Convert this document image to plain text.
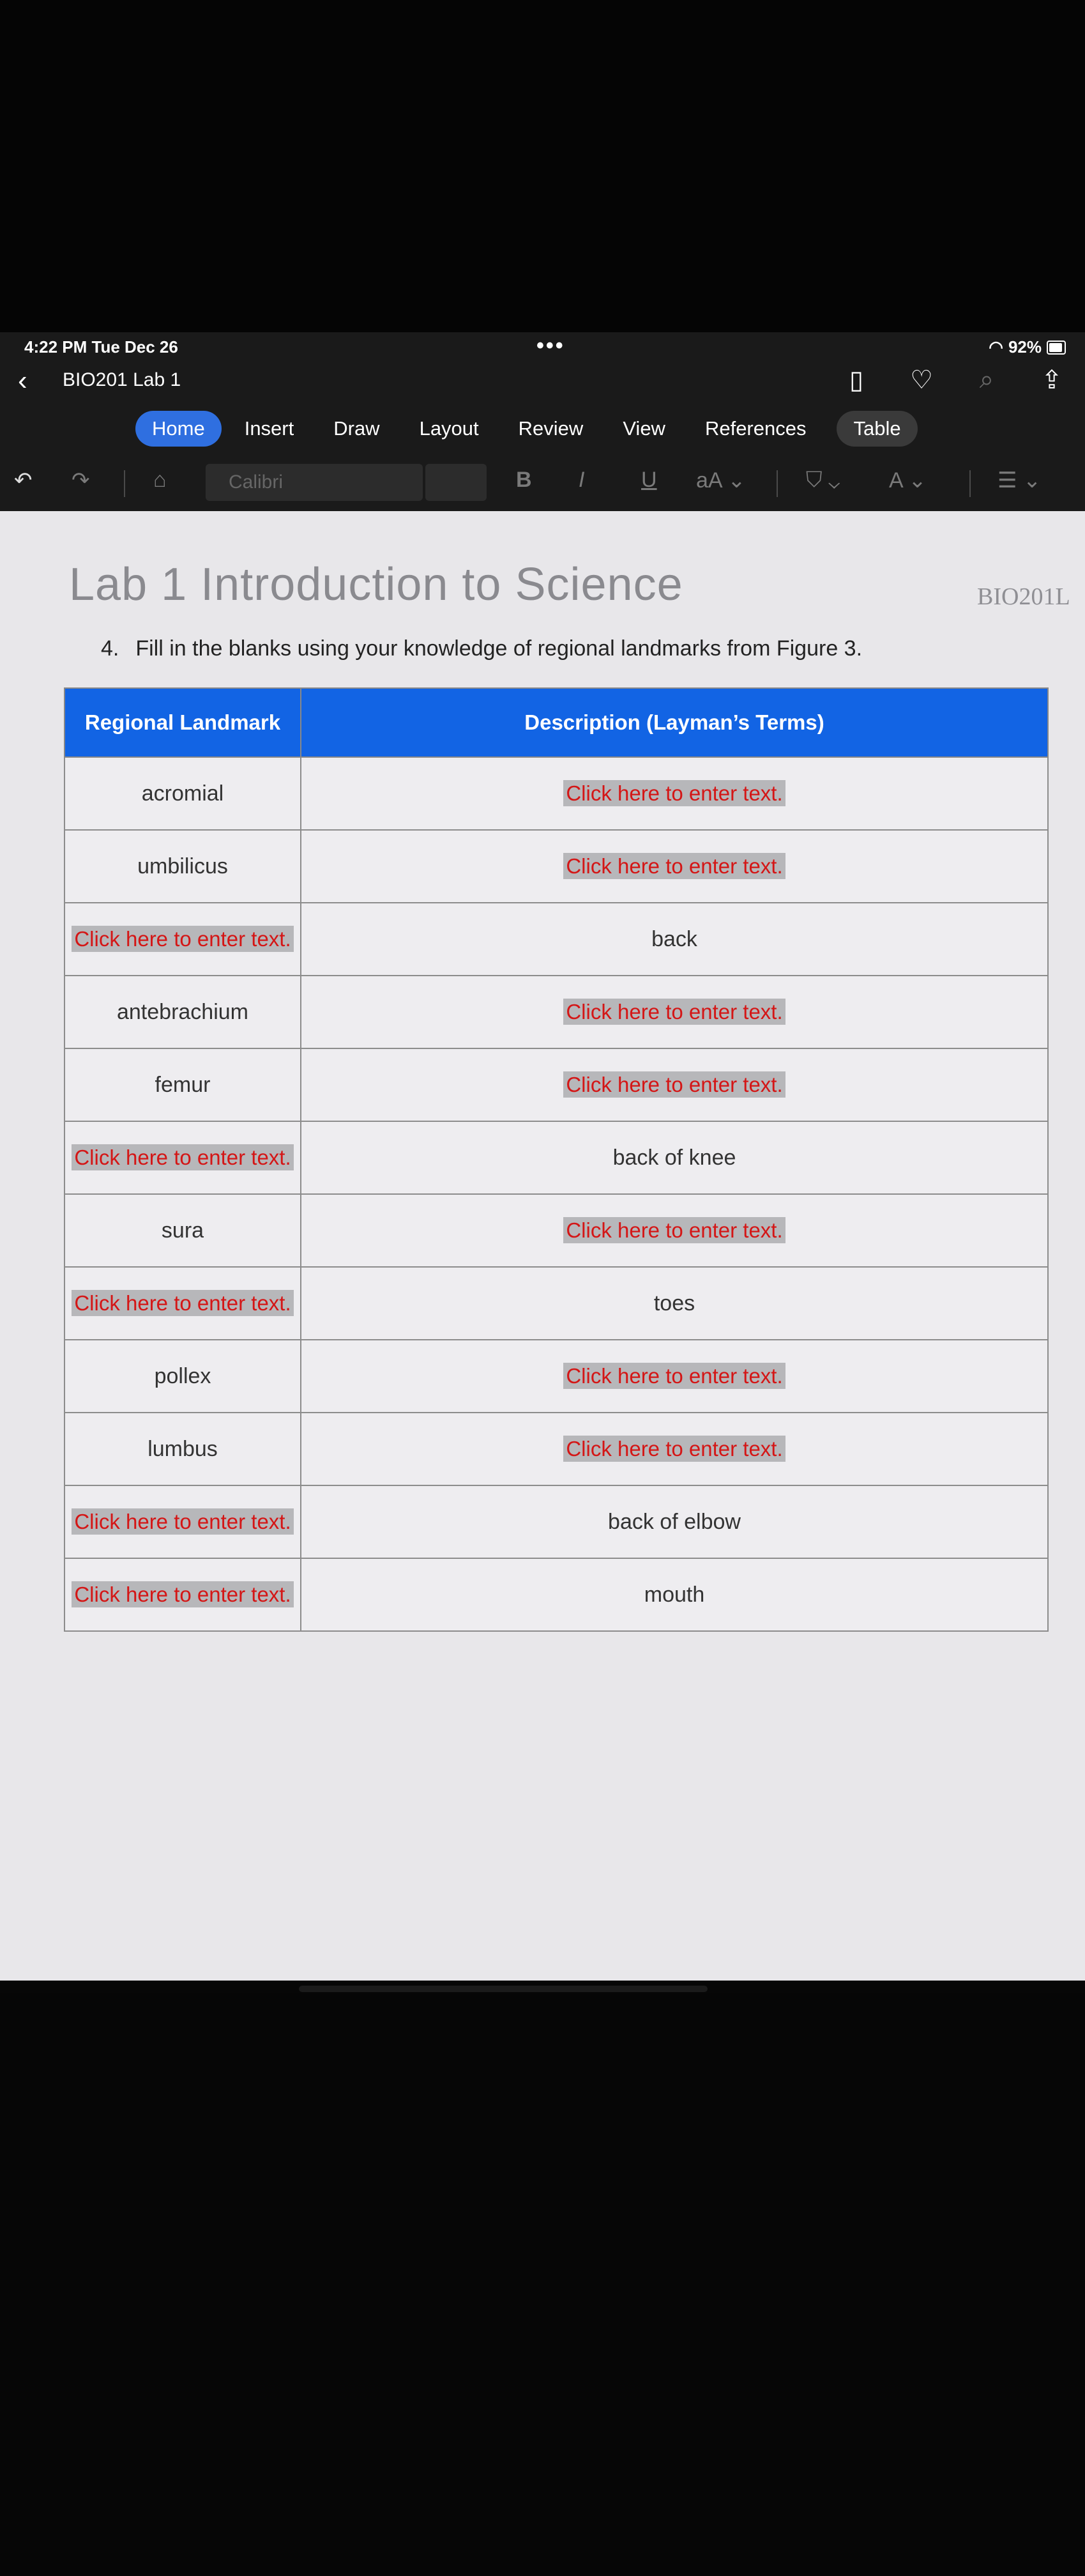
4:22 PM Tue Dec 26	•••	◠ 92%
‹ BIO201 Lab 1	▯ ♡ ⌕ ⇪
Home	Insert	Draw	Layout	Review	View	References	Table
↶ ↷	⌂	Calibri	B I	U aA ⌄	⛉ ⌄ A ⌄	☰ ⌄
Lab 1 Introduction to Science	BIO201L
4. Fill in the blanks using your knowledge of regional landmarks from Figure 3.
Regional Landmark	Description (Layman’s Terms)
acromial	Click here to enter text.
umbilicus	Click here to enter text.
Click here to enter text.	back
antebrachium	Click here to enter text.
femur	Click here to enter text.
Click here to enter text.	back of knee
sura	Click here to enter text.
Click here to enter text.	toes
pollex	Click here to enter text.
lumbus	Click here to enter text.
Click here to enter text.	back of elbow
Click here to enter text.	mouth
